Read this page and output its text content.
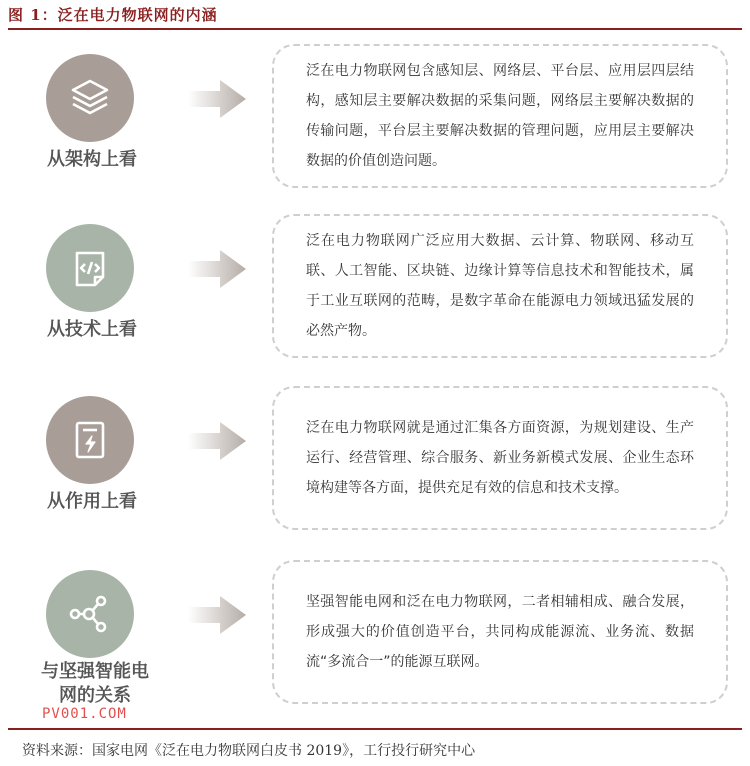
图 1：泛在电力物联网的内涵
从架构上看

泛在电力物联网包含感知层、网络层、平台层、应用层四层结构，感知层主要解决数据的采集问题，网络层主要解决数据的传输问题，平台层主要解决数据的管理问题，应用层主要解决数据的价值创造问题。

从技术上看

泛在电力物联网广泛应用大数据、云计算、物联网、移动互联、人工智能、区块链、边缘计算等信息技术和智能技术，属于工业互联网的范畴，是数字革命在能源电力领域迅猛发展的必然产物。

从作用上看

泛在电力物联网就是通过汇集各方面资源，为规划建设、生产运行、经营管理、综合服务、新业务新模式发展、企业生态环境构建等各方面，提供充足有效的信息和技术支撑。

与坚强智能电网的关系

坚强智能电网和泛在电力物联网，二者相辅相成、融合发展，形成强大的价值创造平台，共同构成能源流、业务流、数据流“多流合一”的能源互联网。

PV001.COM
资料来源：国家电网《泛在电力物联网白皮书 2019》，工行投行研究中心
